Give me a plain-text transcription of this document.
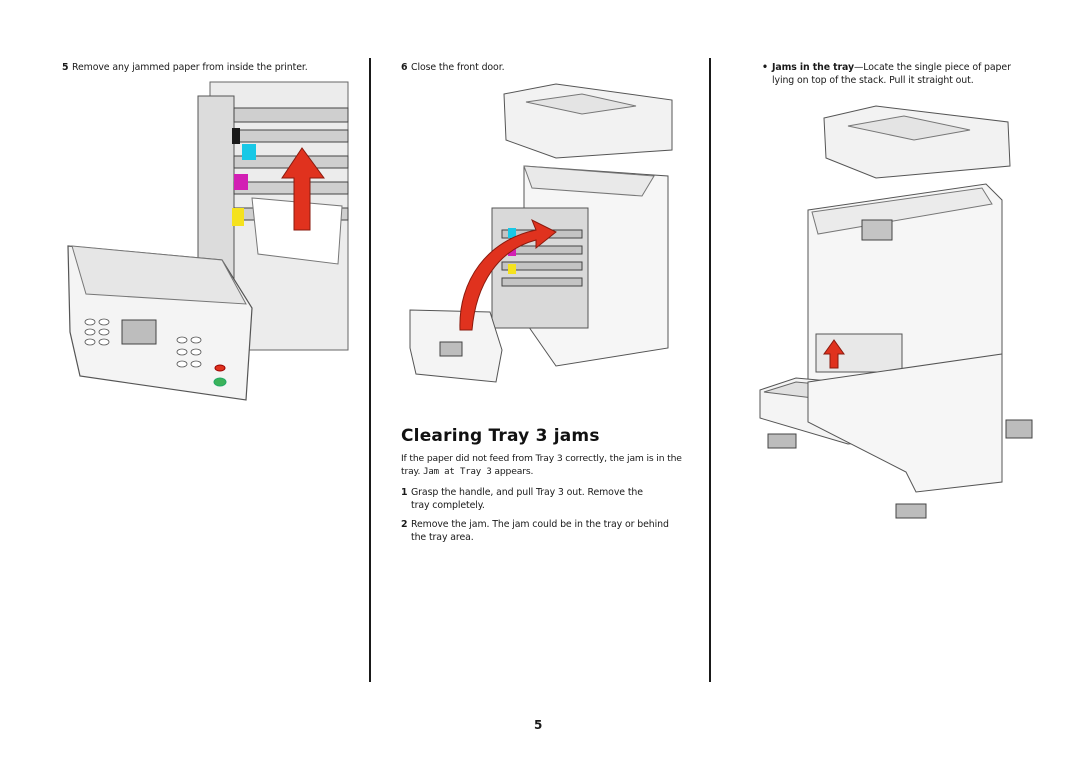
5 Remove any jammed paper from inside the printer.	6 Close the front door.
Clearing Tray 3 jams
If the paper did not feed from Tray 3 correctly, the jam is in the tray. Jam at Tray 3 appears.
1 Grasp the handle, and pull Tray 3 out. Remove the tray completely.
2 Remove the jam. The jam could be in the tray or behind the tray area.
• Jams in the tray—Locate the single piece of paper lying on top of the stack. Pull it straight out.
5
